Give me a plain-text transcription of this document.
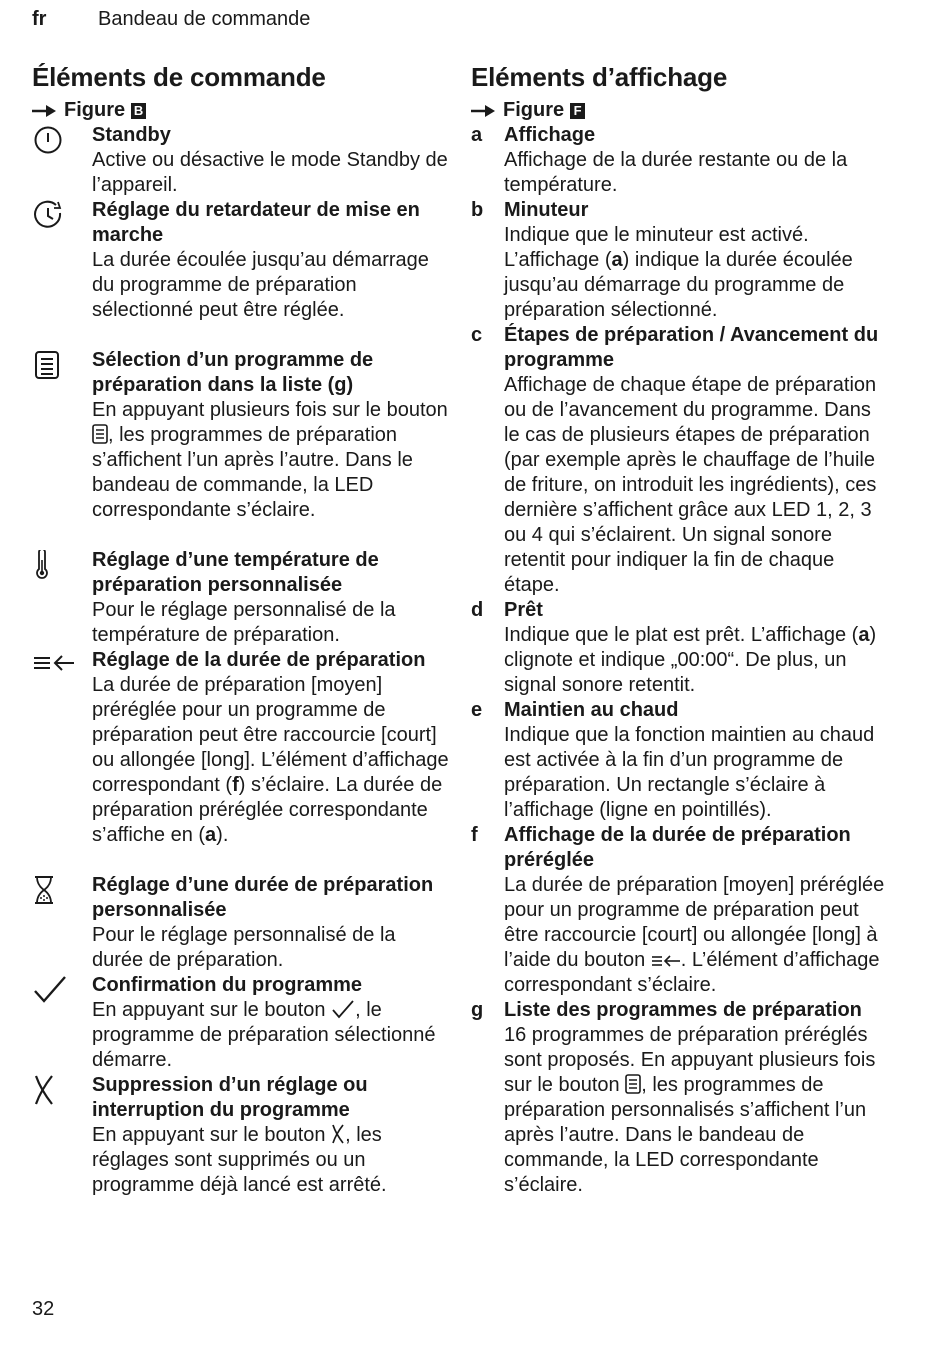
fr	Bandeau de commande
Éléments de commande
Figure B
Standby
Active ou désactive le mode Standby de l’appareil.
Réglage du retardateur de mise en marche
La durée écoulée jusqu’au démarrage du programme de préparation sélectionné peut être réglée.
Sélection d’un programme de préparation dans la liste (g)
En appuyant plusieurs fois sur le bouton , les programmes de préparation s’affichent l’un après l’autre. Dans le bandeau de commande, la LED correspondante s’éclaire.
Réglage d’une température de préparation personnalisée
Pour le réglage personnalisé de la température de préparation.
Réglage de la durée de préparation
La durée de préparation [moyen] préréglée pour un programme de préparation peut être raccourcie [court] ou allongée [long]. L’élément d’affichage correspondant (f) s’éclaire. La durée de préparation préréglée correspondante s’affiche en (a).
Réglage d’une durée de préparation personnalisée
Pour le réglage personnalisé de la durée de préparation.
Confirmation du programme
En appuyant sur le bouton , le programme de préparation sélectionné démarre.
Suppression d’un réglage ou interruption du programme
En appuyant sur le bouton , les réglages sont supprimés ou un programme déjà lancé est arrêté.
Eléments d’affichage
Figure F
a Affichage
Affichage de la durée restante ou de la température.
b Minuteur
Indique que le minuteur est activé. L’affichage (a) indique la durée écoulée jusqu’au démarrage du programme de préparation sélectionné.
c Étapes de préparation / Avancement du programme
Affichage de chaque étape de préparation ou de l’avancement du programme. Dans le cas de plusieurs étapes de préparation (par exemple après le chauffage de l’huile de friture, on introduit les ingrédients), ces dernière s’affichent grâce aux LED 1, 2, 3 ou 4 qui s’éclairent. Un signal sonore retentit pour indiquer la fin de chaque étape.
d Prêt
Indique que le plat est prêt. L’affichage (a) clignote et indique „00:00“. De plus, un signal sonore retentit.
e Maintien au chaud
Indique que la fonction maintien au chaud est activée à la fin d’un programme de préparation. Un rectangle s’éclaire à l’affichage (ligne en pointillés).
f Affichage de la durée de préparation préréglée
La durée de préparation [moyen] préréglée pour un programme de préparation peut être raccourcie [court] ou allongée [long] à l’aide du bouton . L’élément d’affichage correspondant s’éclaire.
g Liste des programmes de préparation
16 programmes de préparation préréglés sont proposés. En appuyant plusieurs fois sur le bouton , les programmes de préparation personnalisés s’affichent l’un après l’autre. Dans le bandeau de commande, la LED correspondante s’éclaire.
32
